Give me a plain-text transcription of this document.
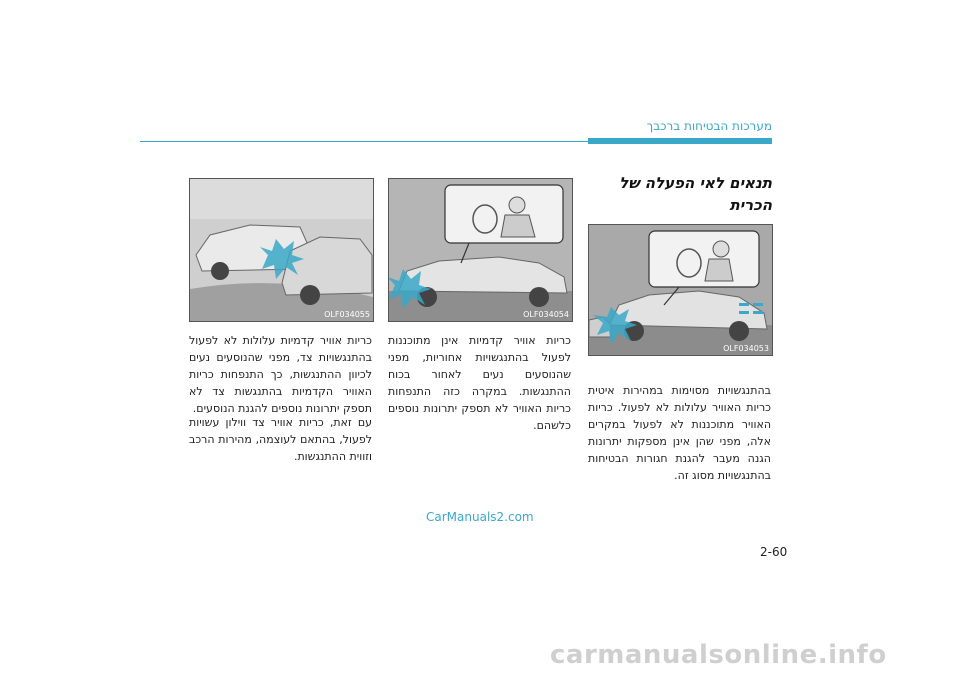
מערכות הבטיחות ברכבך
תנאים לאי הפעלה של הכרית
OLF034053
OLF034054
OLF034055
בהתנגשויות מסוימות במהירות איטית כריות האוויר עלולות לא לפעול. כריות האוויר מתוכננות לא לפעול במקרים אלה, מפני שהן אינן מספקות יתרונות הגנה מעבר להגנת חגורות הבטיחות בהתנגשויות מסוג זה.
כריות אוויר קדמיות אינן מתוכננות לפעול בהתנגשויות אחוריות, מפני שהנוסעים נעים לאחור בכוח ההתנגשות. במקרה כזה התנפחות כריות האוויר לא תספק יתרונות נוספים כלשהם.
כריות אוויר קדמיות עלולות לא לפעול בהתנגשויות צד, מפני שהנוסעים נעים לכיוון ההתנגשות, כך התנפחות כריות האוויר הקדמיות בהתנגשות צד לא תספק יתרונות נוספים להגנת הנוסעים.
עם זאת, כריות אוויר צד ווילון עשויות לפעול, בהתאם לעוצמה, מהירות הרכב וזווית ההתנגשות.
CarManuals2.com
2-60
carmanualsonline.info
